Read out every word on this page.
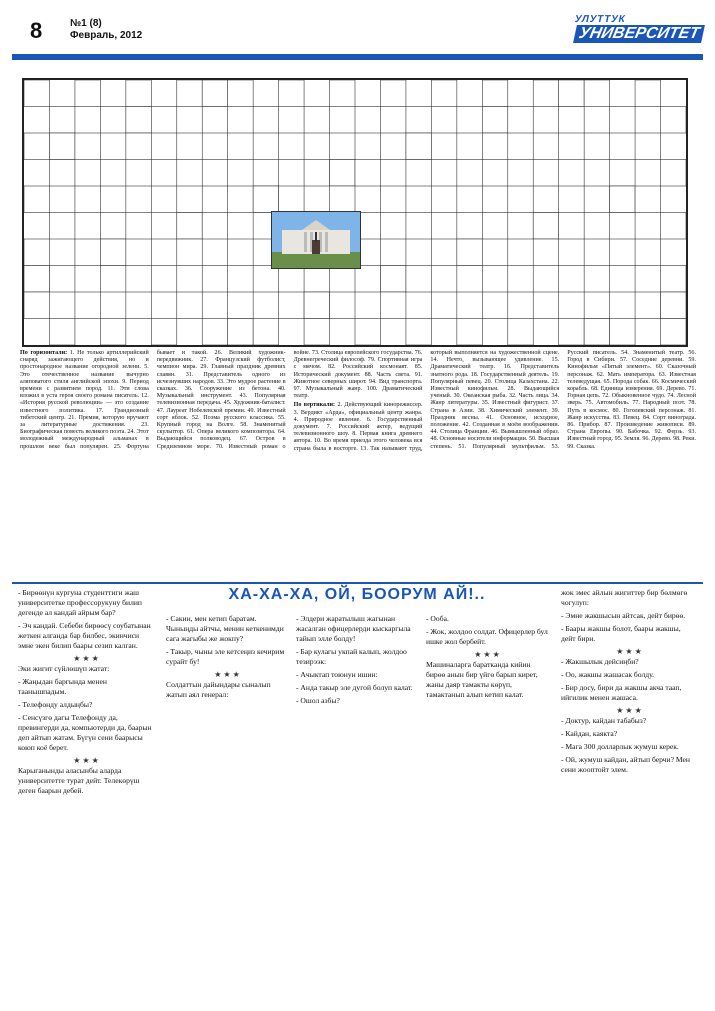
8	№1 (8)
Февраль, 2012
УЛУТТУК
УНИВЕРСИТЕТ

По горизонтали: 1. Не только артиллерийский снаряд зажигающего действия, но и простонародное название огородной зелени. 5. Это отечественное название вычурно аляповатого стиля английской эпохи. 9. Период времени с развитием пород. 11. Эти слова вложил в уста героя своего романа писатель. 12. «История русской революции» — это создание известного политика. 17. Грандиозный тибетский центр. 21. Премия, которую вручают за литературные достижения. 23. Биографическая повесть великого поэта. 24. Этот молодежный международный альманах в прошлом веке был популярен. 25. Фортуна бывает и такой. 26. Великий художник-передвижник. 27. Французский футболист, чемпион мира. 29. Главный праздник древних славян. 31. Представитель одного из исчезнувших народов. 33. Это мудрое растение в сказках. 36. Сооружение из бетона. 40. Музыкальный инструмент. 43. Популярная телевизионная передача. 45. Художник-баталист. 47. Лауреат Нобелевской премии. 49. Известный сорт яблок. 52. Поэма русского классика. 55. Крупный город на Волге. 58. Знаменитый скульптор. 61. Опера великого композитора. 64. Выдающийся полководец. 67. Остров в Средиземном море. 70. Известный роман о войне. 73. Столица европейского государства. 76. Древнегреческий философ. 79. Спортивная игра с мячом. 82. Российский космонавт. 85. Исторический документ. 88. Часть света. 91. Животное северных широт. 94. Вид транспорта. 97. Музыкальный жанр. 100. Драматический театр.

По вертикали: 2. Действующий кинорежиссер. 3. Вердикт «Арда», официальный центр жанра. 4. Природное явление. 6. Государственный документ. 7. Российский актер, ведущий телевизионного шоу. 8. Первая книга древнего автора. 10. Во время приезда этого человека вся страна была в восторге. 13. Так называют труд, который выполняется на художественной сцене. 14. Нечто, вызывающее удивление. 15. Драматический театр. 16. Представитель знатного рода. 18. Государственный деятель. 19. Популярный певец. 20. Столица Казахстана. 22. Известный кинофильм. 28. Выдающийся ученый. 30. Океанская рыба. 32. Часть лица. 34. Жанр литературы. 35. Известный фигурист. 37. Страна в Азии. 38. Химический элемент. 39. Праздник весны. 41. Основное, исходное, положение. 42. Созданная в моём воображении. 44. Столица Франции. 46. Вымышленный образ. 48. Основные носители информации. 50. Высшая степень. 51. Популярный мультфильм. 53. Русский писатель. 54. Знаменитый театр. 56. Город в Сибири. 57. Соседние деревни. 59. Кинофильм «Пятый элемент». 60. Сказочный персонаж. 62. Мать императора. 63. Известная телеведущая. 65. Порода собак. 66. Космический корабль. 68. Единица измерения. 69. Дерево. 71. Горная цепь. 72. Обыкновенное чудо. 74. Лесной зверь. 75. Автомобиль. 77. Народный поэт. 78. Путь в космос. 80. Гоголевский персонаж. 81. Жанр искусства. 83. Певец. 84. Сорт винограда. 86. Прибор. 87. Произведение живописи. 89. Страна Европы. 90. Бабочка. 92. Ферзь. 93. Известный город. 95. Земля. 96. Дерево. 98. Реки. 99. Сказка.

- Бирөөнүн кургуна студенттиги жаш университетке профессорукуну билип дегенде ал кандай айрым бар?
- Эч кандай. Себеби бирөөсү соубатынан жеткен алганда бар билбес, экинчиси эмне экен билип баары сезип калган.
★ ★ ★
Эки жигит сүйлөшүп жатат:
- Жаңыдан баргында менен таанышпадым.
- Телефонду алдыңбы?
- Сенсүзгө дагы Телефонду да, превингерди да, компьютерди да, баарын деп айтып жатам. Бүгүн сени баарысы коюп коё берет.
★ ★ ★
Карыганынды аласынбы аларда университетте турат дейт. Телекөрүш деген баарын дебей.
ХА-ХА-ХА, ОЙ, БООРУМ АЙ!..
- Сакин, мен кетип баратам. Чыныңды айтчы, менин кеткенимди сага жагыбы же жокпу?
- Такыр, чыны эле кетсеңиз кечирим сурайт бу!
★ ★ ★
Солдаттын дайындары сыналып жатып аял генерал:
- Элдери жаратылыш жагынан жасалган офицерлерди кыскаргыла тайып элле болду!
- Бар кулагы укпай калып, жолдоо тезирээк:
- Ачыктап тоюнун ишин:
- Анда такыр эле дугой болуп калат.
- Ошол азбы?
- Ооба.
- Жок, жолдоо солдат. Офицерлер бул ишке жол бербейт.
★ ★ ★
Машиналарга баратканда кийин бирөө анын бир үйгө барып кирет, жаны даяр тамакты көрүп, тамактанып алып кетип калат.
жок эмес айлын жигиттер бир бөлмөгө чогулуп:
- Эмне жакшысын айтсак, дейт бирөө.
- Баары жакшы болот, баары жакшы, дейт бири.
★ ★ ★
- Жакшылык дейсиңби?
- Оо, жакшы жашасак болду.
- Бир досу, бири да жакшы акча таап, ийгилик менен жашаса.
★ ★ ★
- Доктур, кайдан табабыз?
- Кайдан, каякта?
- Мага 300 долларлык жумуш керек.
- Ой, жумуш кайдан, айтып берчи? Мен сени жооптойт элем.
